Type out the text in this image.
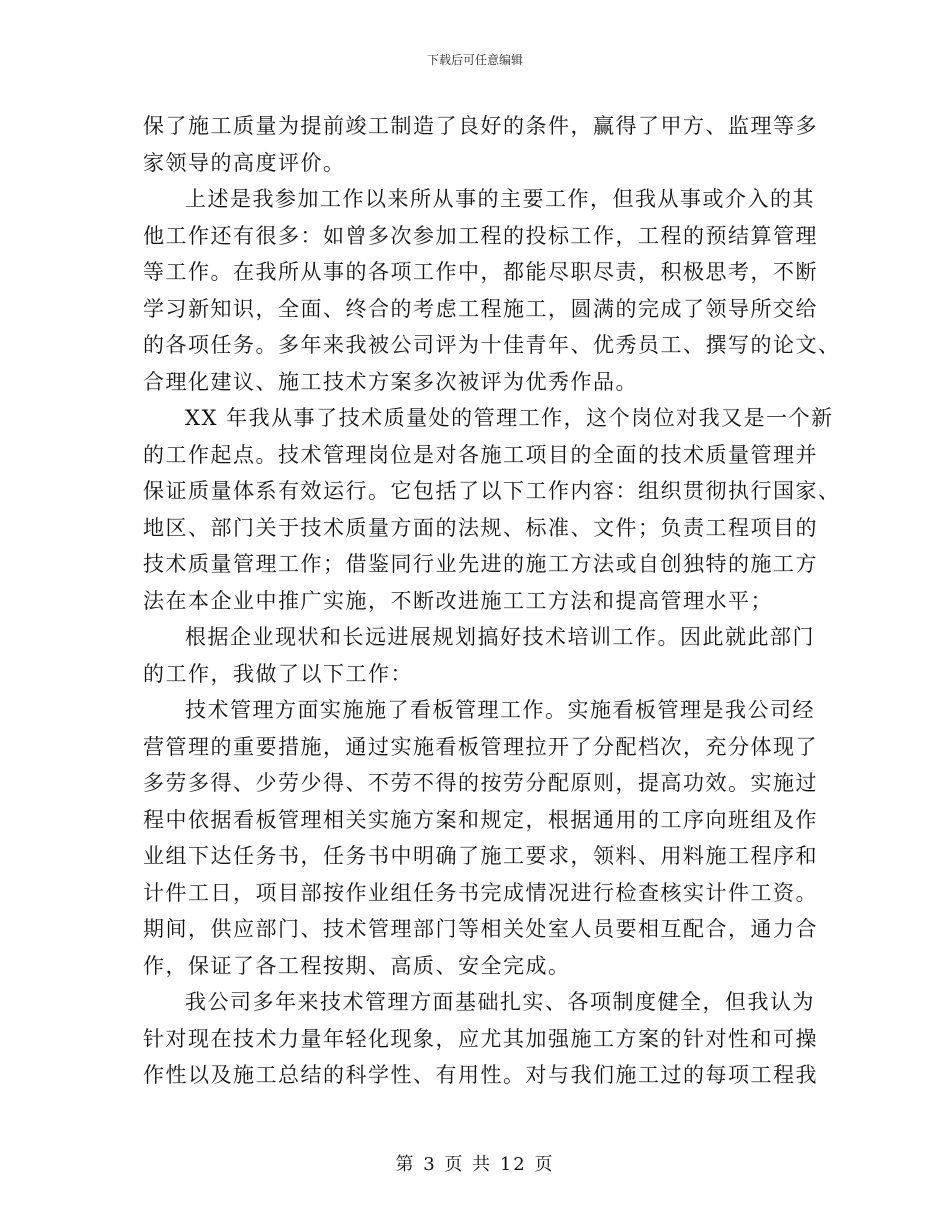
下载后可任意编辑
保了施工质量为提前竣工制造了良好的条件，赢得了甲方、监理等多
家领导的高度评价。
上述是我参加工作以来所从事的主要工作，但我从事或介入的其
他工作还有很多：如曾多次参加工程的投标工作，工程的预结算管理
等工作。在我所从事的各项工作中，都能尽职尽责，积极思考，不断
学习新知识，全面、终合的考虑工程施工，圆满的完成了领导所交给
的各项任务。多年来我被公司评为十佳青年、优秀员工、撰写的论文、
合理化建议、施工技术方案多次被评为优秀作品。
XX 年我从事了技术质量处的管理工作，这个岗位对我又是一个新
的工作起点。技术管理岗位是对各施工项目的全面的技术质量管理并
保证质量体系有效运行。它包括了以下工作内容：组织贯彻执行国家、
地区、部门关于技术质量方面的法规、标准、文件；负责工程项目的
技术质量管理工作；借鉴同行业先进的施工方法或自创独特的施工方
法在本企业中推广实施，不断改进施工工方法和提高管理水平；
根据企业现状和长远进展规划搞好技术培训工作。因此就此部门
的工作，我做了以下工作：
技术管理方面实施施了看板管理工作。实施看板管理是我公司经
营管理的重要措施，通过实施看板管理拉开了分配档次，充分体现了
多劳多得、少劳少得、不劳不得的按劳分配原则，提高功效。实施过
程中依据看板管理相关实施方案和规定，根据通用的工序向班组及作
业组下达任务书，任务书中明确了施工要求，领料、用料施工程序和
计件工日，项目部按作业组任务书完成情况进行检查核实计件工资。
期间，供应部门、技术管理部门等相关处室人员要相互配合，通力合
作，保证了各工程按期、高质、安全完成。
我公司多年来技术管理方面基础扎实、各项制度健全，但我认为
针对现在技术力量年轻化现象，应尤其加强施工方案的针对性和可操
作性以及施工总结的科学性、有用性。对与我们施工过的每项工程我
第 3 页 共 12 页
